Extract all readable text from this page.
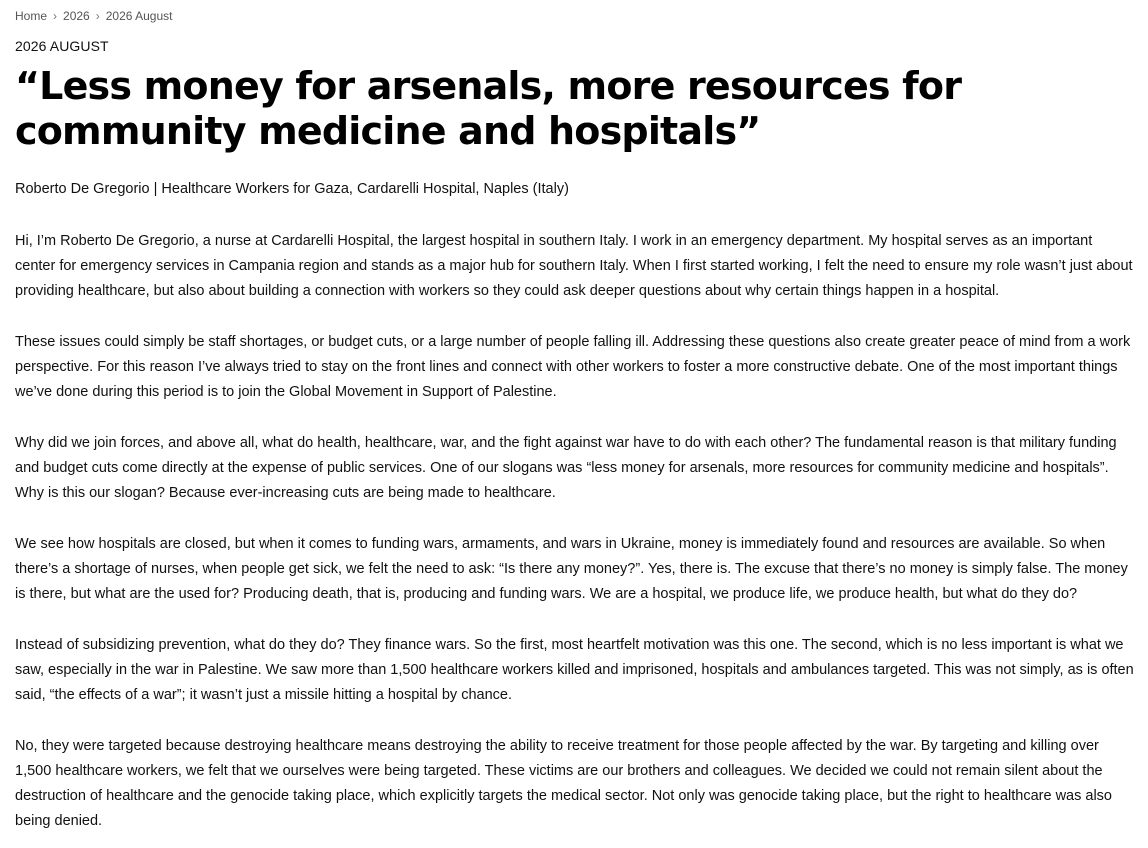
Home › 2026 › 2026 August
2026 AUGUST
“Less money for arsenals, more resources for community medicine and hospitals”
Roberto De Gregorio | Healthcare Workers for Gaza, Cardarelli Hospital, Naples (Italy)

Hi, I’m Roberto De Gregorio, a nurse at Cardarelli Hospital, the largest hospital in southern Italy. I work in an emergency department. My hospital serves as an important center for emergency services in Campania region and stands as a major hub for southern Italy. When I first started working, I felt the need to ensure my role wasn’t just about providing healthcare, but also about building a connection with workers so they could ask deeper questions about why certain things happen in a hospital.

These issues could simply be staff shortages, or budget cuts, or a large number of people falling ill. Addressing these questions also create greater peace of mind from a work perspective. For this reason I’ve always tried to stay on the front lines and connect with other workers to foster a more constructive debate. One of the most important things we’ve done during this period is to join the Global Movement in Support of Palestine.

Why did we join forces, and above all, what do health, healthcare, war, and the fight against war have to do with each other? The fundamental reason is that military funding and budget cuts come directly at the expense of public services. One of our slogans was “less money for arsenals, more resources for community medicine and hospitals”. Why is this our slogan? Because ever-increasing cuts are being made to healthcare.

We see how hospitals are closed, but when it comes to funding wars, armaments, and wars in Ukraine, money is immediately found and resources are available. So when there’s a shortage of nurses, when people get sick, we felt the need to ask: “Is there any money?”. Yes, there is. The excuse that there’s no money is simply false. The money is there, but what are the used for? Producing death, that is, producing and funding wars. We are a hospital, we produce life, we produce health, but what do they do?

Instead of subsidizing prevention, what do they do? They finance wars. So the first, most heartfelt motivation was this one. The second, which is no less important is what we saw, especially in the war in Palestine. We saw more than 1,500 healthcare workers killed and imprisoned, hospitals and ambulances targeted. This was not simply, as is often said, “the effects of a war”; it wasn’t just a missile hitting a hospital by chance.

No, they were targeted because destroying healthcare means destroying the ability to receive treatment for those people affected by the war. By targeting and killing over 1,500 healthcare workers, we felt that we ourselves were being targeted. These victims are our brothers and colleagues. We decided we could not remain silent about the destruction of healthcare and the genocide taking place, which explicitly targets the medical sector. Not only was genocide taking place, but the right to healthcare was also being denied.
